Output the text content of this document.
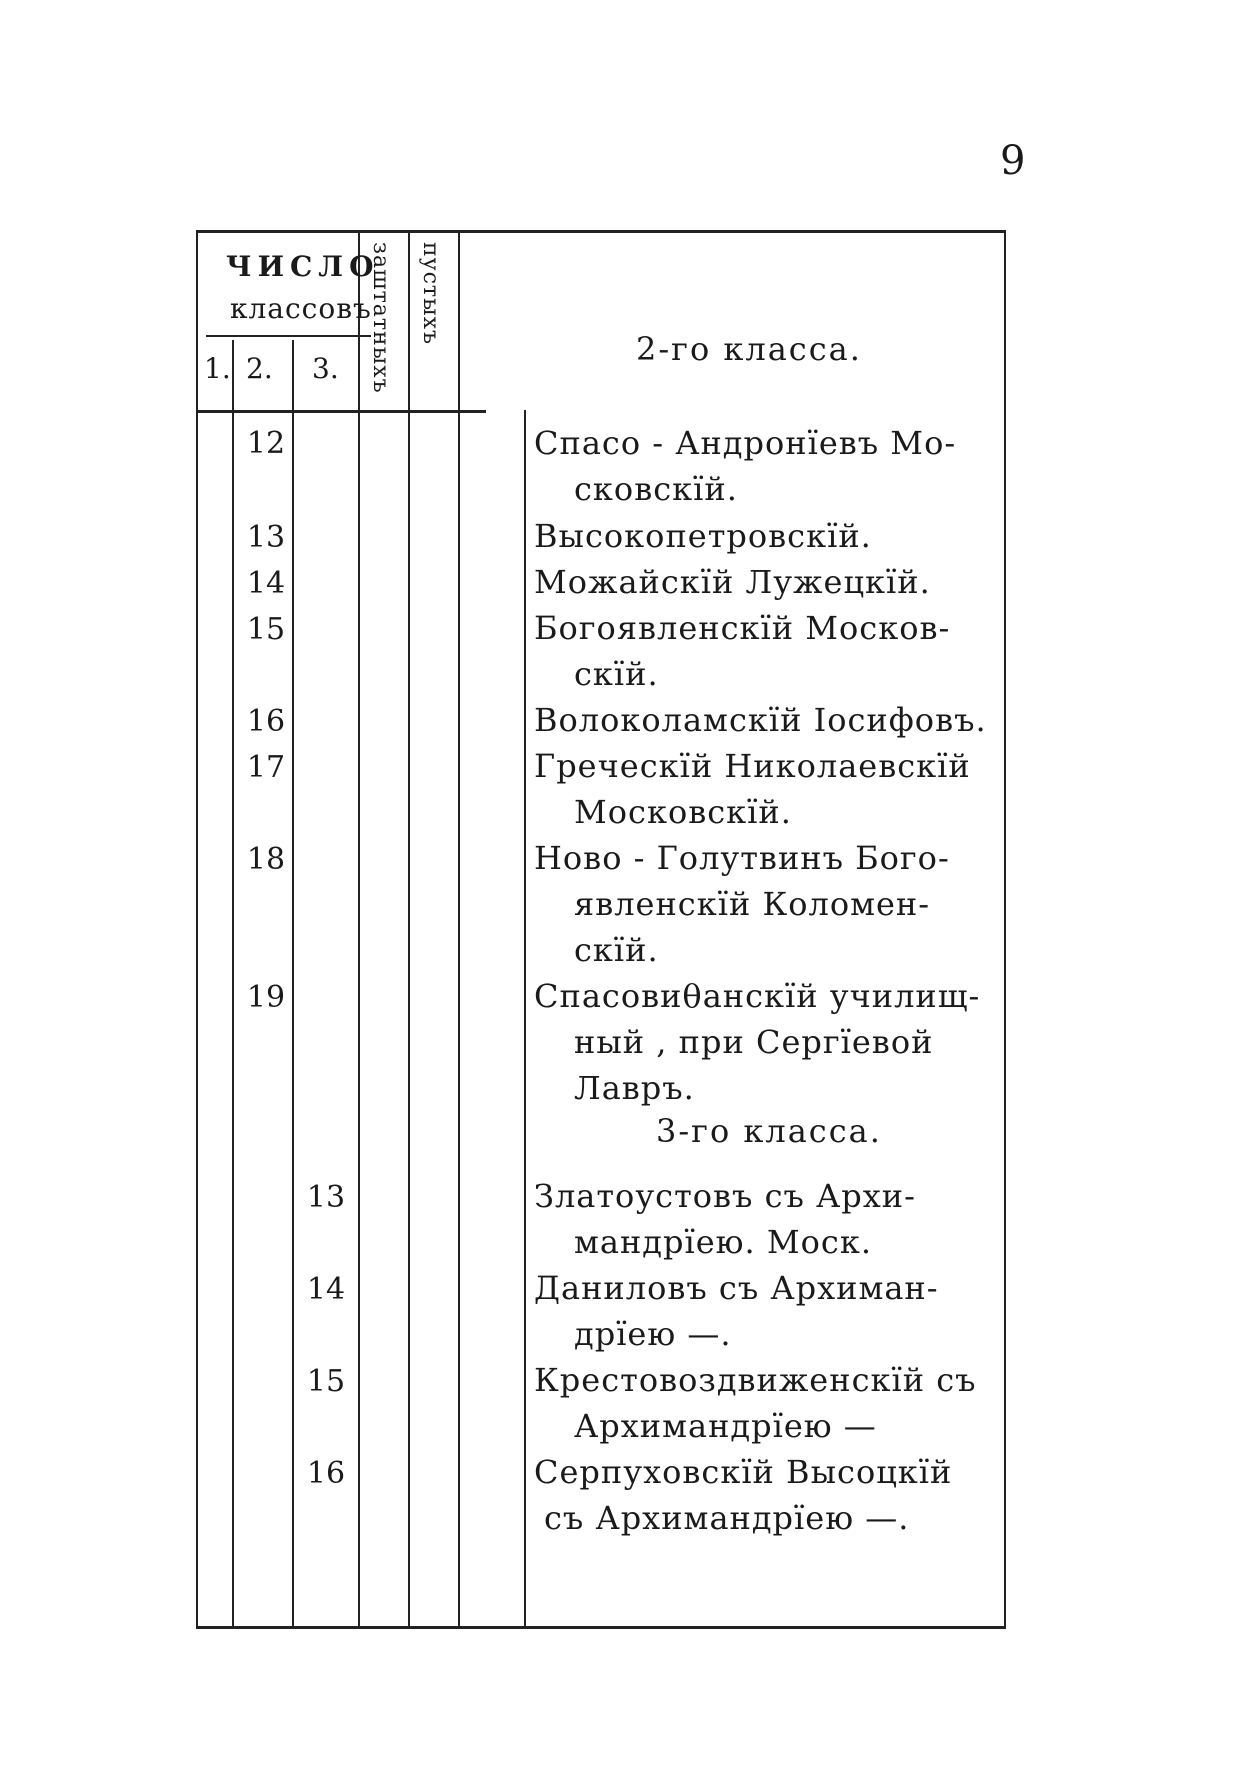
9
ЧИСЛО
классовъ
1. 2. 3. заштатныхъ пустыхъ
2-го класса.
12	Спасо - Андронїевъ Мо-
сковскїй.
13	Высокопетровскїй.
14	Можайскїй Лужецкїй.
15	Богоявленскїй Москов-
скїй.
16	Волоколамскїй Іосифовъ.
17	Греческїй Николаевскїй
Московскїй.
18	Ново - Голутвинъ Бого-
явленскїй Коломен-
скїй.
19	Спасовиθанскїй училищ-
ный , при Сергїевой
Лавръ.
3-го класса.
13	Златоустовъ съ Архи-
мандрїею. Моск.
14	Даниловъ съ Архиман-
дрїею —.
15	Крестовоздвиженскїй съ
Архимандрїею —
16	Серпуховскїй Высоцкїй
съ Архимандрїею —.
